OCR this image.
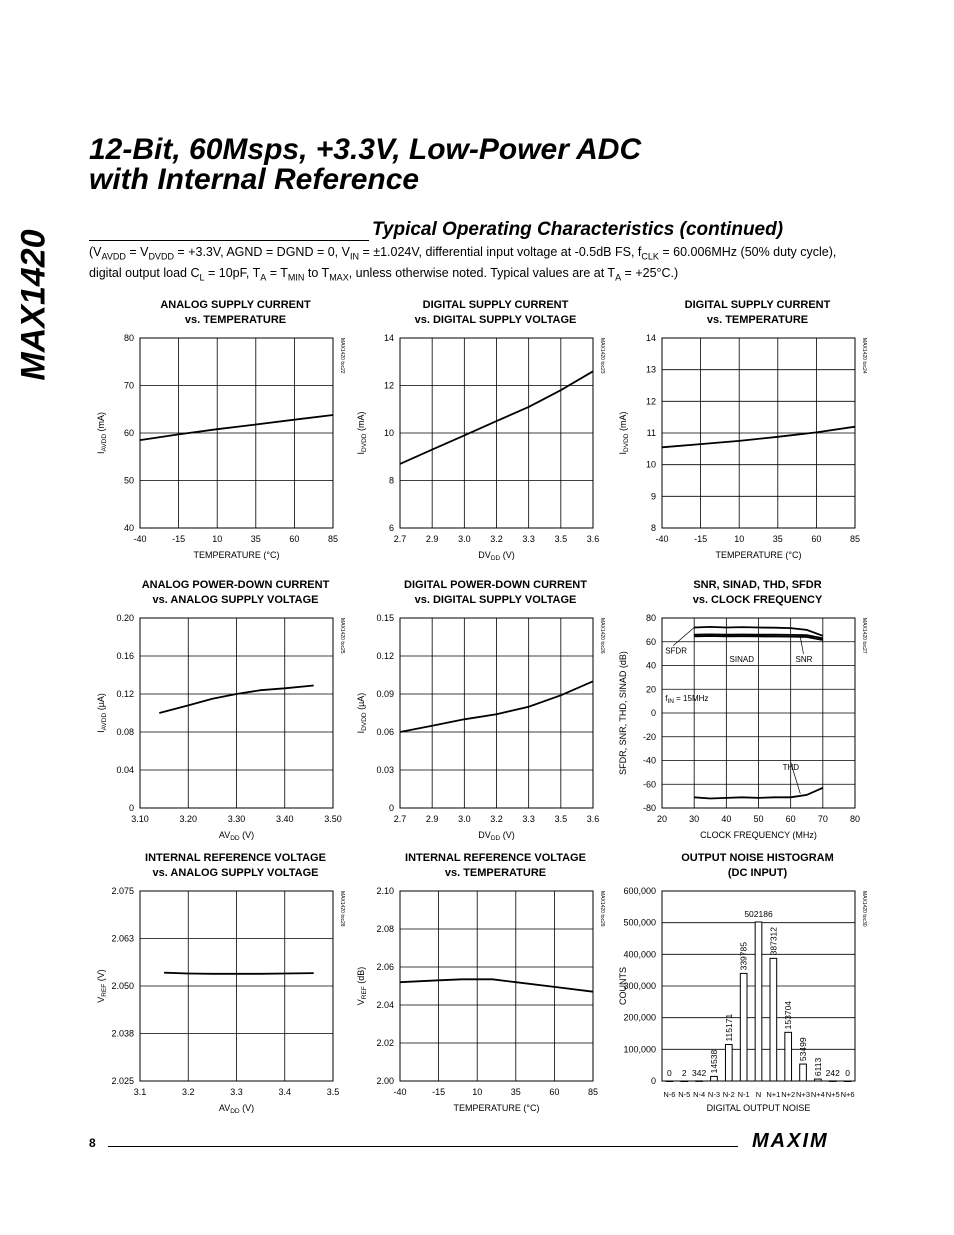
MAX1420
12-Bit, 60Msps, +3.3V, Low-Power ADC
with Internal Reference
Typical Operating Characteristics (continued)
($V_{AVDD} = V_{DVDD} = +3.3V$, AGND = DGND = 0, $V_{IN} = \pm 1.024V$, differential input voltage at -0.5dB FS, $f_{CLK} = 60.006MHz$ (50% duty cycle), digital output load $C_L = 10pF$, $T_A = T_{MIN}$ to $T_{MAX}$, unless otherwise noted. Typical values are at $T_A = +25^\circ C$.)
ANALOG SUPPLY CURRENT
vs. TEMPERATURE
40
50
60
70
80
-40	-15	10	35	60	85
TEMPERATURE (°C)
$I_{AVDD}$ (mA)
MAX1420 toc22
DIGITAL SUPPLY CURRENT
vs. DIGITAL SUPPLY VOLTAGE
6
8
10
12
14
2.7 2.9 3.0 3.2 3.3 3.5 3.6
$DV_{DD}$ (V)
$I_{DVDD}$ (mA)
MAX1420 toc23
DIGITAL SUPPLY CURRENT
vs. TEMPERATURE
8
9
10
11
12
13
14
-40	-15	10	35	60	85
TEMPERATURE (°C)
$I_{DVDD}$ (mA)
MAX1420 toc24
ANALOG POWER-DOWN CURRENT
vs. ANALOG SUPPLY VOLTAGE
0
0.04
0.08
0.12
0.16
0.20
3.10	3.20	3.30	3.40	3.50
$AV_{DD}$ (V)
$I_{AVDD}$ (µA)
MAX1420 toc25
DIGITAL POWER-DOWN CURRENT
vs. DIGITAL SUPPLY VOLTAGE
0
0.03
0.06
0.09
0.12
0.15
2.7 2.9 3.0 3.2 3.3 3.5 3.6
$DV_{DD}$ (V)
$I_{DVDD}$ (µA)
MAX1420 toc26
SNR, SINAD, THD, SFDR
vs. CLOCK FREQUENCY
-80
-60
-40
-20
0
20
40
60
80
20 30 40 50 60 70 80
CLOCK FREQUENCY (MHz)
SFDR, SNR, THD, SINAD (dB)
MAX1420 toc27
SFDR
SINAD	SNR
THD
$f_{IN} = 15MHz$
INTERNAL REFERENCE VOLTAGE
vs. ANALOG SUPPLY VOLTAGE
2.025
2.038
2.050
2.063
2.075
3.1	3.2	3.3	3.4	3.5
$AV_{DD}$ (V)
$V_{REF}$ (V)
MAX1420 toc28
INTERNAL REFERENCE VOLTAGE
vs. TEMPERATURE
2.00
2.02
2.04
2.06
2.08
2.10
-40	-15	10	35	60	85
TEMPERATURE (°C)
$V_{REF}$ (dB)
MAX1420 toc29
OUTPUT NOISE HISTOGRAM
(DC INPUT)
0
100,000
200,000
300,000
400,000
500,000
600,000
N-6 N-5 N-4 N-3 N-2 N-1 N N+1 N+2 N+3 N+4 N+5 N+6
DIGITAL OUTPUT NOISE
COUNTS
MAX1420 toc30
0 2 342 14538
115171
339785
502186
387312
153704
53499
6113 242 0
8	MAXIM
